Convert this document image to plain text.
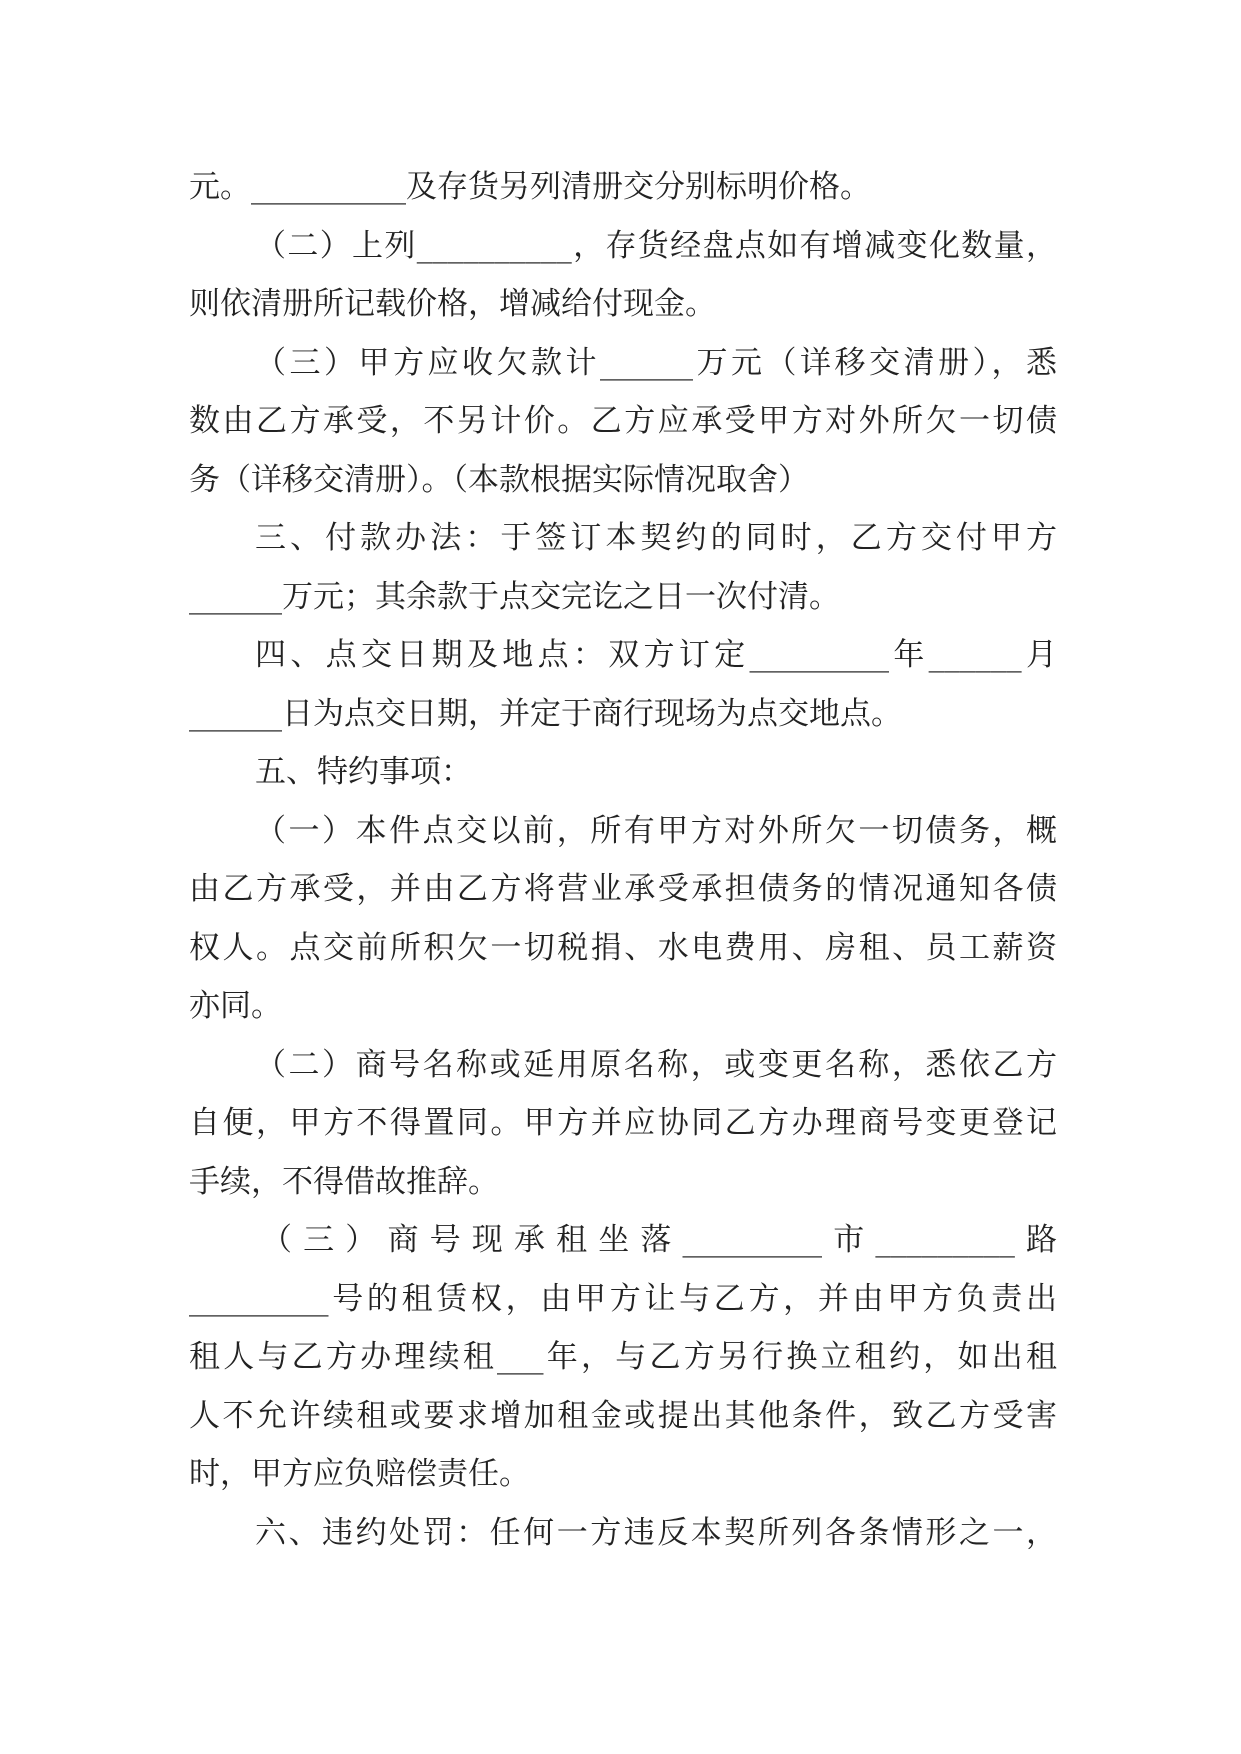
元。__________及存货另列清册交分别标明价格。
（二）上列__________，存货经盘点如有增减变化数量，
则依清册所记载价格，增减给付现金。
（三）甲方应收欠款计______万元（详移交清册），悉
数由乙方承受，不另计价。乙方应承受甲方对外所欠一切债
务（详移交清册）。（本款根据实际情况取舍）
三、付款办法：于签订本契约的同时，乙方交付甲方
______万元；其余款于点交完讫之日一次付清。
四、点交日期及地点：双方订定_________年______月
______日为点交日期，并定于商行现场为点交地点。
五、特约事项：
（一）本件点交以前，所有甲方对外所欠一切债务，概
由乙方承受，并由乙方将营业承受承担债务的情况通知各债
权人。点交前所积欠一切税捐、水电费用、房租、员工薪资
亦同。
（二）商号名称或延用原名称，或变更名称，悉依乙方
自便，甲方不得置同。甲方并应协同乙方办理商号变更登记
手续，不得借故推辞。
（三）商号现承租坐落_________市_________路
_________号的租赁权，由甲方让与乙方，并由甲方负责出
租人与乙方办理续租___年，与乙方另行换立租约，如出租
人不允许续租或要求增加租金或提出其他条件，致乙方受害
时，甲方应负赔偿责任。
六、违约处罚：任何一方违反本契所列各条情形之一，
